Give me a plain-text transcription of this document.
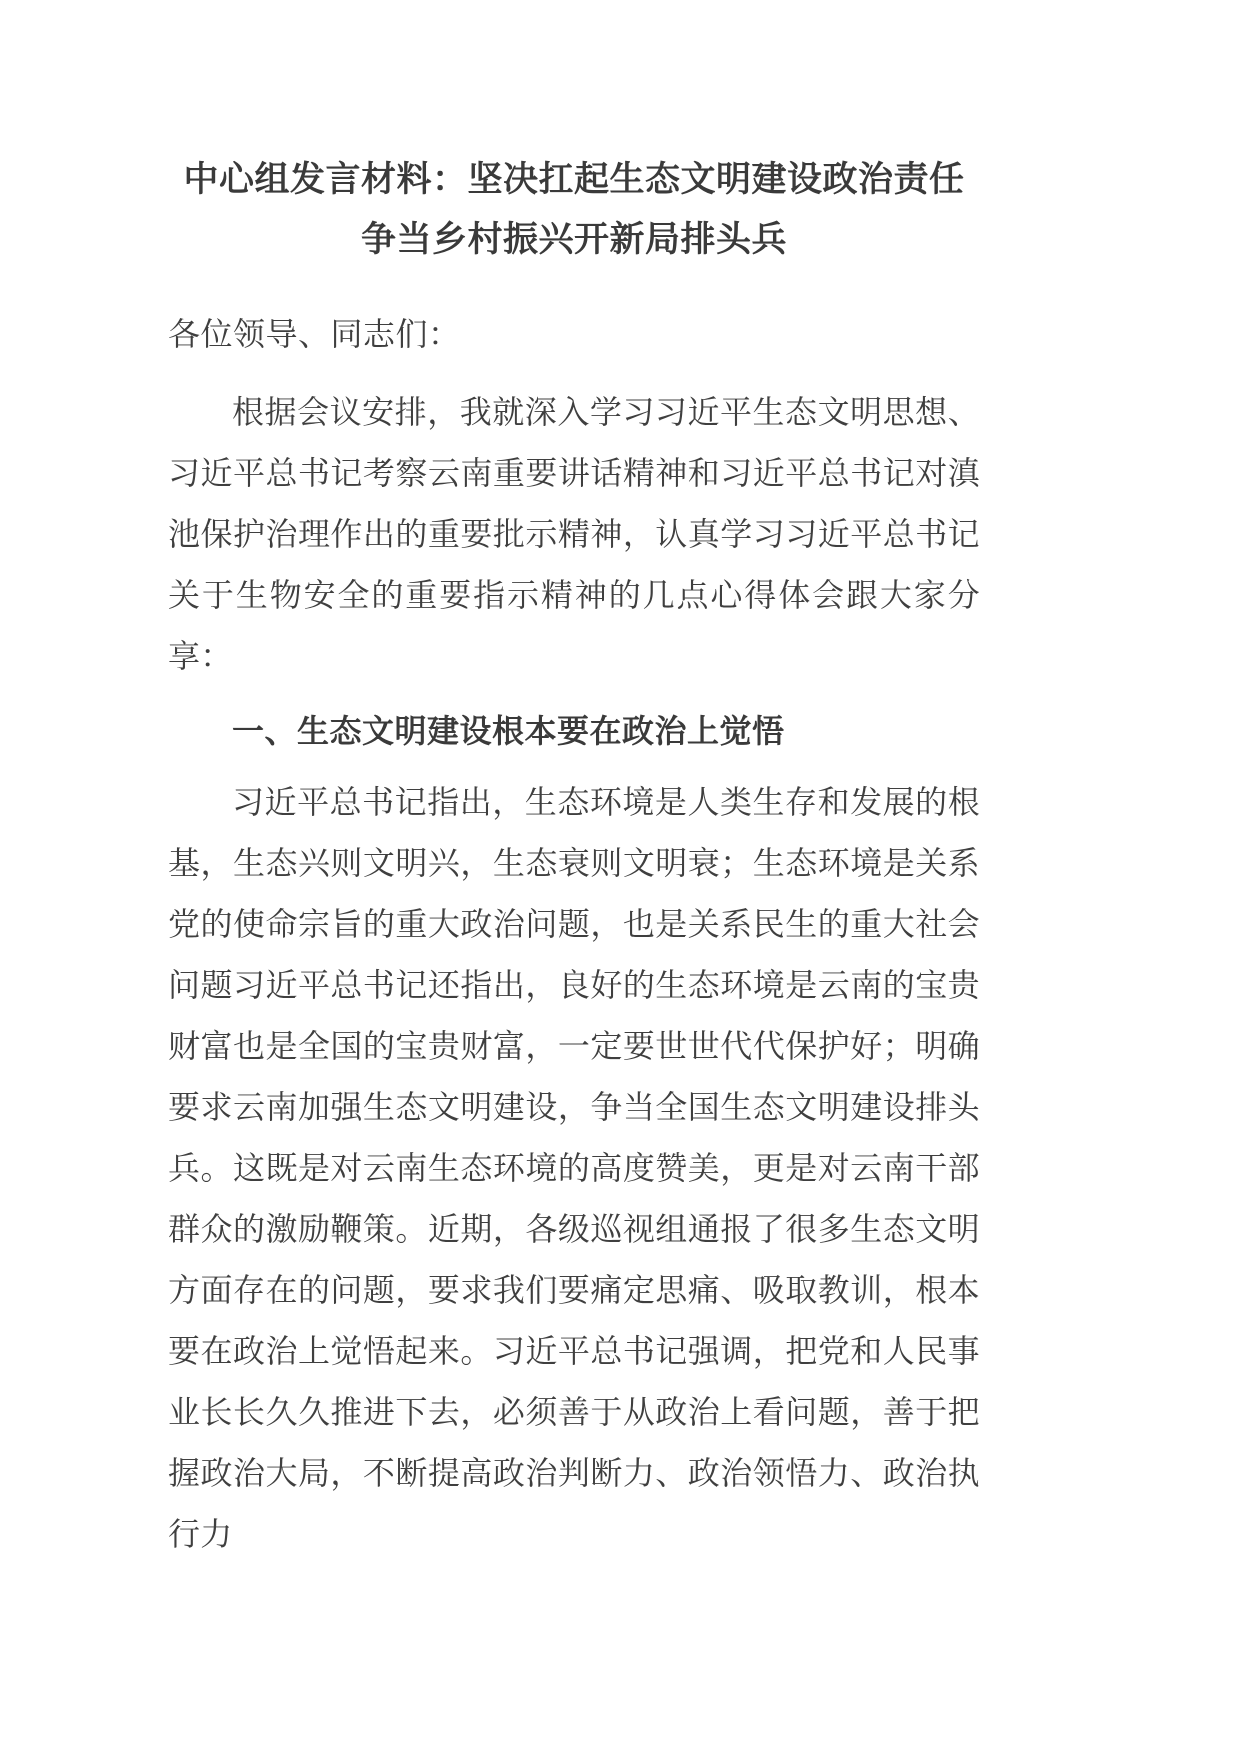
中心组发言材料：坚决扛起生态文明建设政治责任争当乡村振兴开新局排头兵

各位领导、同志们：

根据会议安排，我就深入学习习近平生态文明思想、习近平总书记考察云南重要讲话精神和习近平总书记对滇池保护治理作出的重要批示精神，认真学习习近平总书记关于生物安全的重要指示精神的几点心得体会跟大家分享：

一、生态文明建设根本要在政治上觉悟

习近平总书记指出，生态环境是人类生存和发展的根基，生态兴则文明兴，生态衰则文明衰；生态环境是关系党的使命宗旨的重大政治问题，也是关系民生的重大社会问题习近平总书记还指出，良好的生态环境是云南的宝贵财富也是全国的宝贵财富，一定要世世代代保护好；明确要求云南加强生态文明建设，争当全国生态文明建设排头兵。这既是对云南生态环境的高度赞美，更是对云南干部群众的激励鞭策。近期，各级巡视组通报了很多生态文明方面存在的问题，要求我们要痛定思痛、吸取教训，根本要在政治上觉悟起来。习近平总书记强调，把党和人民事业长长久久推进下去，必须善于从政治上看问题，善于把握政治大局，不断提高政治判断力、政治领悟力、政治执行力
